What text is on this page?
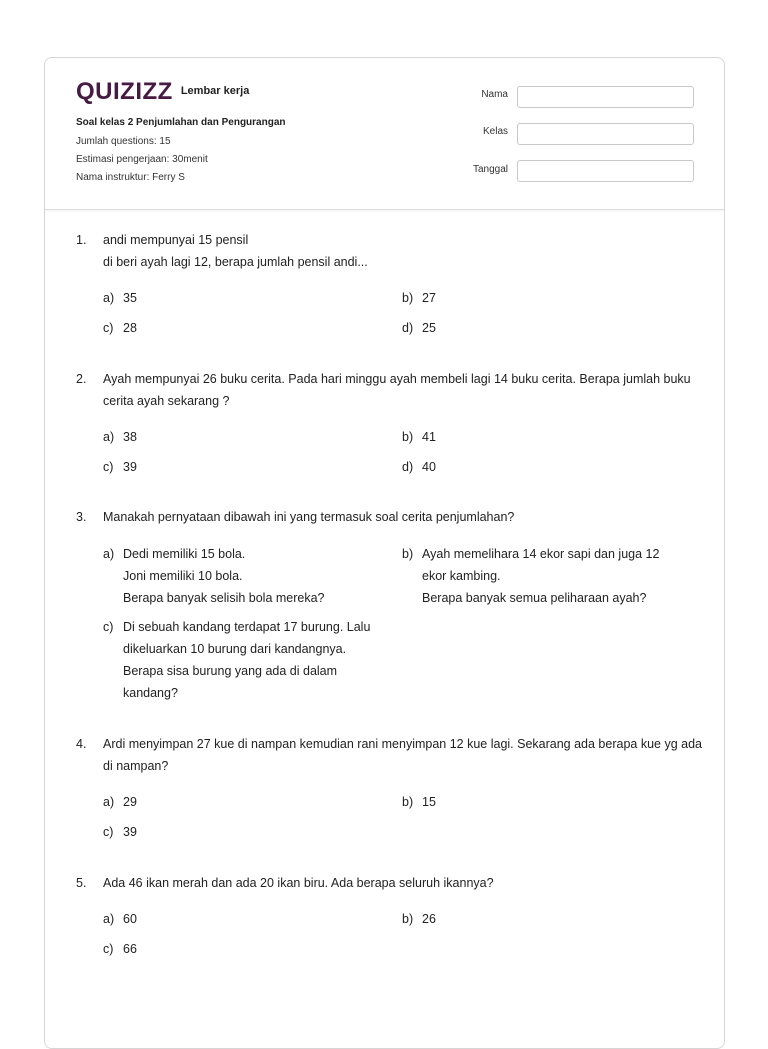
QUIZIZZ Lembar kerja
Soal kelas 2 Penjumlahan dan Pengurangan
Jumlah questions: 15
Estimasi pengerjaan: 30menit
Nama instruktur: Ferry S
Nama
Kelas
Tanggal
1. andi mempunyai 15 pensil
di beri ayah lagi 12, berapa jumlah pensil andi...
a) 35	b) 27
c) 28	d) 25
2. Ayah mempunyai 26 buku cerita. Pada hari minggu ayah membeli lagi 14 buku cerita. Berapa jumlah buku cerita ayah sekarang ?
a) 38	b) 41
c) 39	d) 40
3. Manakah pernyataan dibawah ini yang termasuk soal cerita penjumlahan?
a) Dedi memiliki 15 bola.
Joni memiliki 10 bola.
Berapa banyak selisih bola mereka?
b) Ayah memelihara 14 ekor sapi dan juga 12 ekor kambing.
Berapa banyak semua peliharaan ayah?
c) Di sebuah kandang terdapat 17 burung. Lalu dikeluarkan 10 burung dari kandangnya.
Berapa sisa burung yang ada di dalam kandang?
4. Ardi menyimpan 27 kue di nampan kemudian rani menyimpan 12 kue lagi. Sekarang ada berapa kue yg ada di nampan?
a) 29	b) 15
c) 39
5. Ada 46 ikan merah dan ada 20 ikan biru. Ada berapa seluruh ikannya?
a) 60	b) 26
c) 66
